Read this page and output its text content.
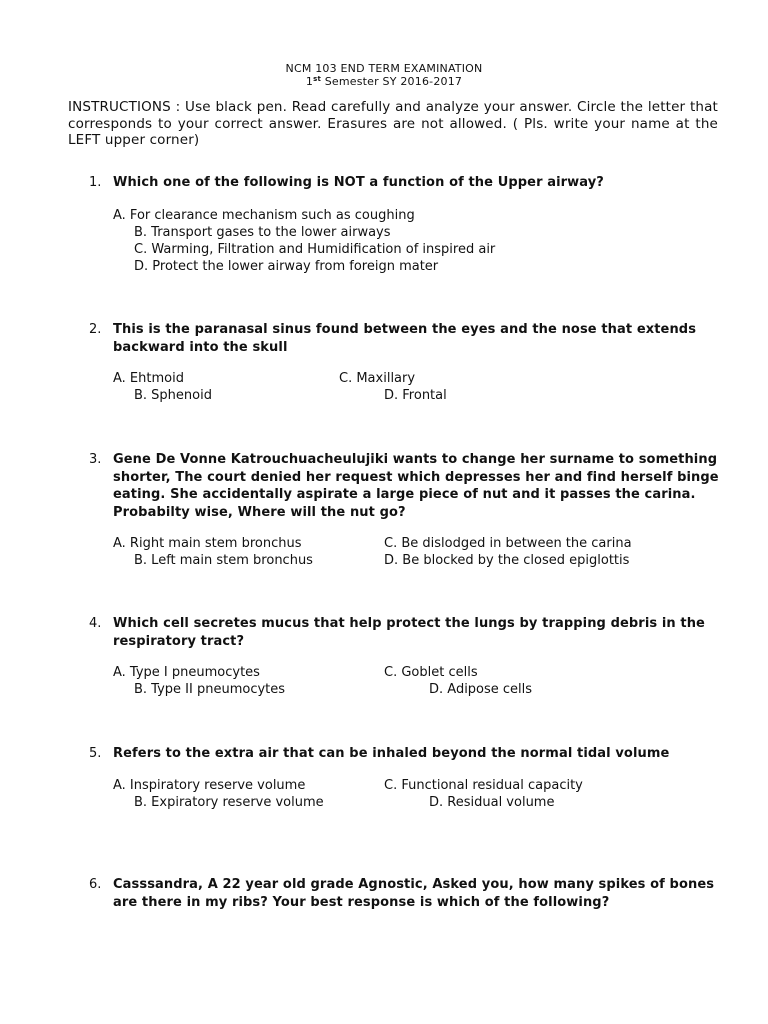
NCM 103 END TERM EXAMINATION
1st Semester SY 2016-2017
INSTRUCTIONS : Use black pen. Read carefully and analyze your answer. Circle the letter that corresponds to your correct answer. Erasures are not allowed. ( Pls. write your name at the LEFT upper corner)
1. Which one of the following is NOT a function of the Upper airway?
A. For clearance mechanism such as coughing
B. Transport gases to the lower airways
C. Warming, Filtration and Humidification of inspired air
D. Protect the lower airway from foreign mater
2. This is the paranasal sinus found between the eyes and the nose that extends backward into the skull
A. Ehtmoid
B. Sphenoid
C. Maxillary
D. Frontal
3. Gene De Vonne Katrouchuacheulujiki wants to change her surname to something shorter, The court denied her request which depresses her and find herself binge eating. She accidentally aspirate a large piece of nut and it passes the carina. Probabilty wise, Where will the nut go?
A. Right main stem bronchus
B. Left main stem bronchus
C. Be dislodged in between the carina
D. Be blocked by the closed epiglottis
4. Which cell secretes mucus that help protect the lungs by trapping debris in the respiratory tract?
A. Type I pneumocytes
B. Type II pneumocytes
C. Goblet cells
D. Adipose cells
5. Refers to the extra air that can be inhaled beyond the normal tidal volume
A. Inspiratory reserve volume
B. Expiratory reserve volume
C. Functional residual capacity
D. Residual volume
6. Casssandra, A 22 year old grade Agnostic, Asked you, how many spikes of bones are there in my ribs? Your best response is which of the following?
